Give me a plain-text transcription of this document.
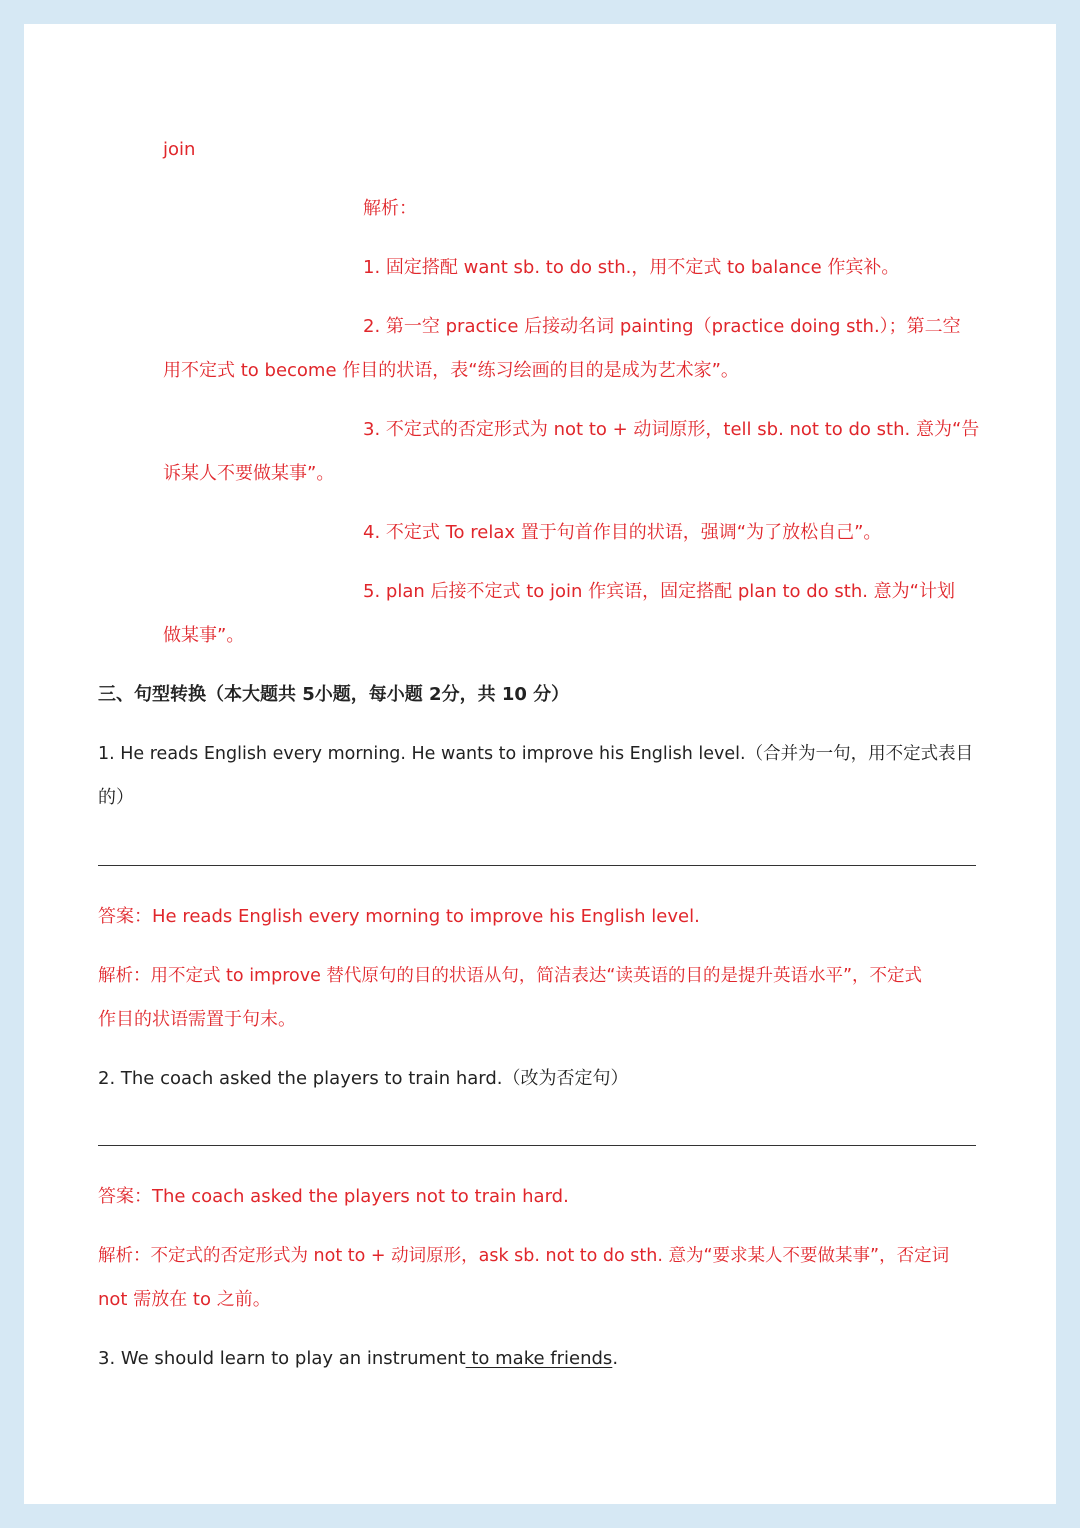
join
解析：
1. 固定搭配 want sb. to do sth.，用不定式 to balance 作宾补。
2. 第一空 practice 后接动名词 painting（practice doing sth.）；第二空
用不定式 to become 作目的状语，表“练习绘画的目的是成为艺术家”。
3. 不定式的否定形式为 not to + 动词原形，tell sb. not to do sth. 意为“告
诉某人不要做某事”。
4. 不定式 To relax 置于句首作目的状语，强调“为了放松自己”。
5. plan 后接不定式 to join 作宾语，固定搭配 plan to do sth. 意为“计划
做某事”。
三、句型转换（本大题共 5小题，每小题 2分，共 10 分）
1. He reads English every morning. He wants to improve his English level.（合并为一句，用不定式表目
的）
答案：He reads English every morning to improve his English level.
解析：用不定式 to improve 替代原句的目的状语从句，简洁表达“读英语的目的是提升英语水平”，不定式
作目的状语需置于句末。
2. The coach asked the players to train hard.（改为否定句）
答案：The coach asked the players not to train hard.
解析：不定式的否定形式为 not to + 动词原形，ask sb. not to do sth. 意为“要求某人不要做某事”，否定词
not 需放在 to 之前。
3. We should learn to play an instrument to make friends.
